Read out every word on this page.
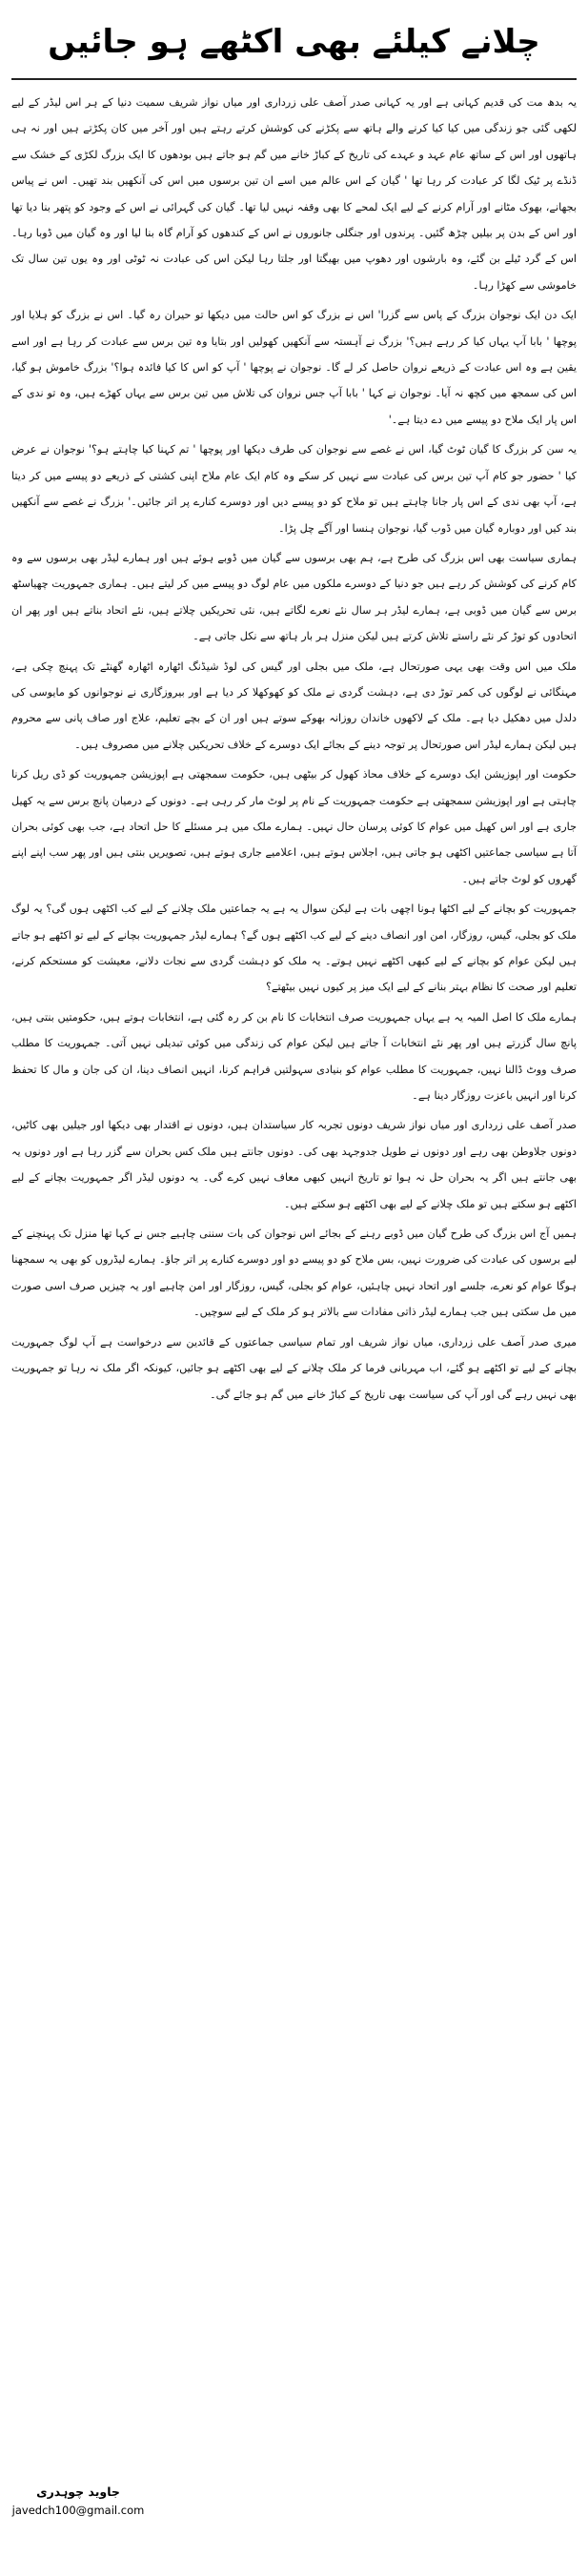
چلانے کیلئے بھی اکٹھے ہو جائیں

یہ بدھ مت کی قدیم کہانی ہے اور یہ کہانی صدر آصف علی زرداری اور میاں نواز شریف سمیت دنیا کے ہر اس لیڈر کے لیے لکھی گئی جو زندگی میں کیا کیا کرنے والے ہاتھ سے پکڑنے کی کوشش کرتے رہتے ہیں اور آخر میں کان پکڑتے ہیں اور نہ ہی ہاتھوں اور اس کے ساتھ عام عہد و عہدے کی تاریخ کے کباڑ خانے میں گم ہو جاتے ہیں بودھوں کا ایک بزرگ لکڑی کے خشک سے ڈنڈے پر ٹیک لگا کر عبادت کر رہا تھا ' گیان کے اس عالم میں اسے ان تین برسوں میں اس کی آنکھیں بند تھیں۔ اس نے پیاس بجھانے، بھوک مٹانے اور آرام کرنے کے لیے ایک لمحے کا بھی وقفہ نہیں لیا تھا۔ گیان کی گہرائی نے اس کے وجود کو پتھر بنا دیا تھا اور اس کے بدن پر بیلیں چڑھ گئیں۔ پرندوں اور جنگلی جانوروں نے اس کے کندھوں کو آرام گاہ بنا لیا اور وہ گیان میں ڈوبا رہا۔ اس کے گرد ٹیلے بن گئے، وہ بارشوں اور دھوپ میں بھیگتا اور جلتا رہا لیکن اس کی عبادت نہ ٹوٹی اور وہ یوں تین سال تک خاموشی سے کھڑا رہا۔

ایک دن ایک نوجوان بزرگ کے پاس سے گزرا' اس نے بزرگ کو اس حالت میں دیکھا تو حیران رہ گیا۔ اس نے بزرگ کو ہلایا اور پوچھا ' بابا آپ یہاں کیا کر رہے ہیں؟' بزرگ نے آہستہ سے آنکھیں کھولیں اور بتایا وہ تین برس سے عبادت کر رہا ہے اور اسے یقین ہے وہ اس عبادت کے ذریعے نروان حاصل کر لے گا۔ نوجوان نے پوچھا ' آپ کو اس کا کیا فائدہ ہوا؟' بزرگ خاموش ہو گیا، اس کی سمجھ میں کچھ نہ آیا۔ نوجوان نے کہا ' بابا آپ جس نروان کی تلاش میں تین برس سے یہاں کھڑے ہیں، وہ تو ندی کے اس پار ایک ملاح دو پیسے میں دے دیتا ہے۔'

یہ سن کر بزرگ کا گیان ٹوٹ گیا، اس نے غصے سے نوجوان کی طرف دیکھا اور پوچھا ' تم کہنا کیا چاہتے ہو؟' نوجوان نے عرض کیا ' حضور جو کام آپ تین برس کی عبادت سے نہیں کر سکے وہ کام ایک عام ملاح اپنی کشتی کے ذریعے دو پیسے میں کر دیتا ہے، آپ بھی ندی کے اس پار جانا چاہتے ہیں تو ملاح کو دو پیسے دیں اور دوسرے کنارے پر اتر جائیں۔' بزرگ نے غصے سے آنکھیں بند کیں اور دوبارہ گیان میں ڈوب گیا، نوجوان ہنسا اور آگے چل پڑا۔

ہماری سیاست بھی اس بزرگ کی طرح ہے، ہم بھی برسوں سے گیان میں ڈوبے ہوئے ہیں اور ہمارے لیڈر بھی برسوں سے وہ کام کرنے کی کوشش کر رہے ہیں جو دنیا کے دوسرے ملکوں میں عام لوگ دو پیسے میں کر لیتے ہیں۔ ہماری جمہوریت چھیاسٹھ برس سے گیان میں ڈوبی ہے، ہمارے لیڈر ہر سال نئے نعرے لگاتے ہیں، نئی تحریکیں چلاتے ہیں، نئے اتحاد بناتے ہیں اور پھر ان اتحادوں کو توڑ کر نئے راستے تلاش کرتے ہیں لیکن منزل ہر بار ہاتھ سے نکل جاتی ہے۔

ملک میں اس وقت بھی یہی صورتحال ہے، ملک میں بجلی اور گیس کی لوڈ شیڈنگ اٹھارہ اٹھارہ گھنٹے تک پہنچ چکی ہے، مہنگائی نے لوگوں کی کمر توڑ دی ہے، دہشت گردی نے ملک کو کھوکھلا کر دیا ہے اور بیروزگاری نے نوجوانوں کو مایوسی کی دلدل میں دھکیل دیا ہے۔ ملک کے لاکھوں خاندان روزانہ بھوکے سوتے ہیں اور ان کے بچے تعلیم، علاج اور صاف پانی سے محروم ہیں لیکن ہمارے لیڈر اس صورتحال پر توجہ دینے کے بجائے ایک دوسرے کے خلاف تحریکیں چلانے میں مصروف ہیں۔

حکومت اور اپوزیشن ایک دوسرے کے خلاف محاذ کھول کر بیٹھی ہیں، حکومت سمجھتی ہے اپوزیشن جمہوریت کو ڈی ریل کرنا چاہتی ہے اور اپوزیشن سمجھتی ہے حکومت جمہوریت کے نام پر لوٹ مار کر رہی ہے۔ دونوں کے درمیان پانچ برس سے یہ کھیل جاری ہے اور اس کھیل میں عوام کا کوئی پرسان حال نہیں۔ ہمارے ملک میں ہر مسئلے کا حل اتحاد ہے، جب بھی کوئی بحران آتا ہے سیاسی جماعتیں اکٹھی ہو جاتی ہیں، اجلاس ہوتے ہیں، اعلامیے جاری ہوتے ہیں، تصویریں بنتی ہیں اور پھر سب اپنے اپنے گھروں کو لوٹ جاتے ہیں۔

جمہوریت کو بچانے کے لیے اکٹھا ہونا اچھی بات ہے لیکن سوال یہ ہے یہ جماعتیں ملک چلانے کے لیے کب اکٹھی ہوں گی؟ یہ لوگ ملک کو بجلی، گیس، روزگار، امن اور انصاف دینے کے لیے کب اکٹھے ہوں گے؟ ہمارے لیڈر جمہوریت بچانے کے لیے تو اکٹھے ہو جاتے ہیں لیکن عوام کو بچانے کے لیے کبھی اکٹھے نہیں ہوتے۔ یہ ملک کو دہشت گردی سے نجات دلانے، معیشت کو مستحکم کرنے، تعلیم اور صحت کا نظام بہتر بنانے کے لیے ایک میز پر کیوں نہیں بیٹھتے؟

ہمارے ملک کا اصل المیہ یہ ہے یہاں جمہوریت صرف انتخابات کا نام بن کر رہ گئی ہے، انتخابات ہوتے ہیں، حکومتیں بنتی ہیں، پانچ سال گزرتے ہیں اور پھر نئے انتخابات آ جاتے ہیں لیکن عوام کی زندگی میں کوئی تبدیلی نہیں آتی۔ جمہوریت کا مطلب صرف ووٹ ڈالنا نہیں، جمہوریت کا مطلب عوام کو بنیادی سہولتیں فراہم کرنا، انہیں انصاف دینا، ان کی جان و مال کا تحفظ کرنا اور انہیں باعزت روزگار دینا ہے۔

صدر آصف علی زرداری اور میاں نواز شریف دونوں تجربہ کار سیاستدان ہیں، دونوں نے اقتدار بھی دیکھا اور جیلیں بھی کاٹیں، دونوں جلاوطن بھی رہے اور دونوں نے طویل جدوجہد بھی کی۔ دونوں جانتے ہیں ملک کس بحران سے گزر رہا ہے اور دونوں یہ بھی جانتے ہیں اگر یہ بحران حل نہ ہوا تو تاریخ انہیں کبھی معاف نہیں کرے گی۔ یہ دونوں لیڈر اگر جمہوریت بچانے کے لیے اکٹھے ہو سکتے ہیں تو ملک چلانے کے لیے بھی اکٹھے ہو سکتے ہیں۔

ہمیں آج اس بزرگ کی طرح گیان میں ڈوبے رہنے کے بجائے اس نوجوان کی بات سننی چاہیے جس نے کہا تھا منزل تک پہنچنے کے لیے برسوں کی عبادت کی ضرورت نہیں، بس ملاح کو دو پیسے دو اور دوسرے کنارے پر اتر جاؤ۔ ہمارے لیڈروں کو بھی یہ سمجھنا ہوگا عوام کو نعرے، جلسے اور اتحاد نہیں چاہئیں، عوام کو بجلی، گیس، روزگار اور امن چاہیے اور یہ چیزیں صرف اسی صورت میں مل سکتی ہیں جب ہمارے لیڈر ذاتی مفادات سے بالاتر ہو کر ملک کے لیے سوچیں۔

میری صدر آصف علی زرداری، میاں نواز شریف اور تمام سیاسی جماعتوں کے قائدین سے درخواست ہے آپ لوگ جمہوریت بچانے کے لیے تو اکٹھے ہو گئے، اب مہربانی فرما کر ملک چلانے کے لیے بھی اکٹھے ہو جائیں، کیونکہ اگر ملک نہ رہا تو جمہوریت بھی نہیں رہے گی اور آپ کی سیاست بھی تاریخ کے کباڑ خانے میں گم ہو جائے گی۔

جاوید چوہدری
javedch100@gmail.com
